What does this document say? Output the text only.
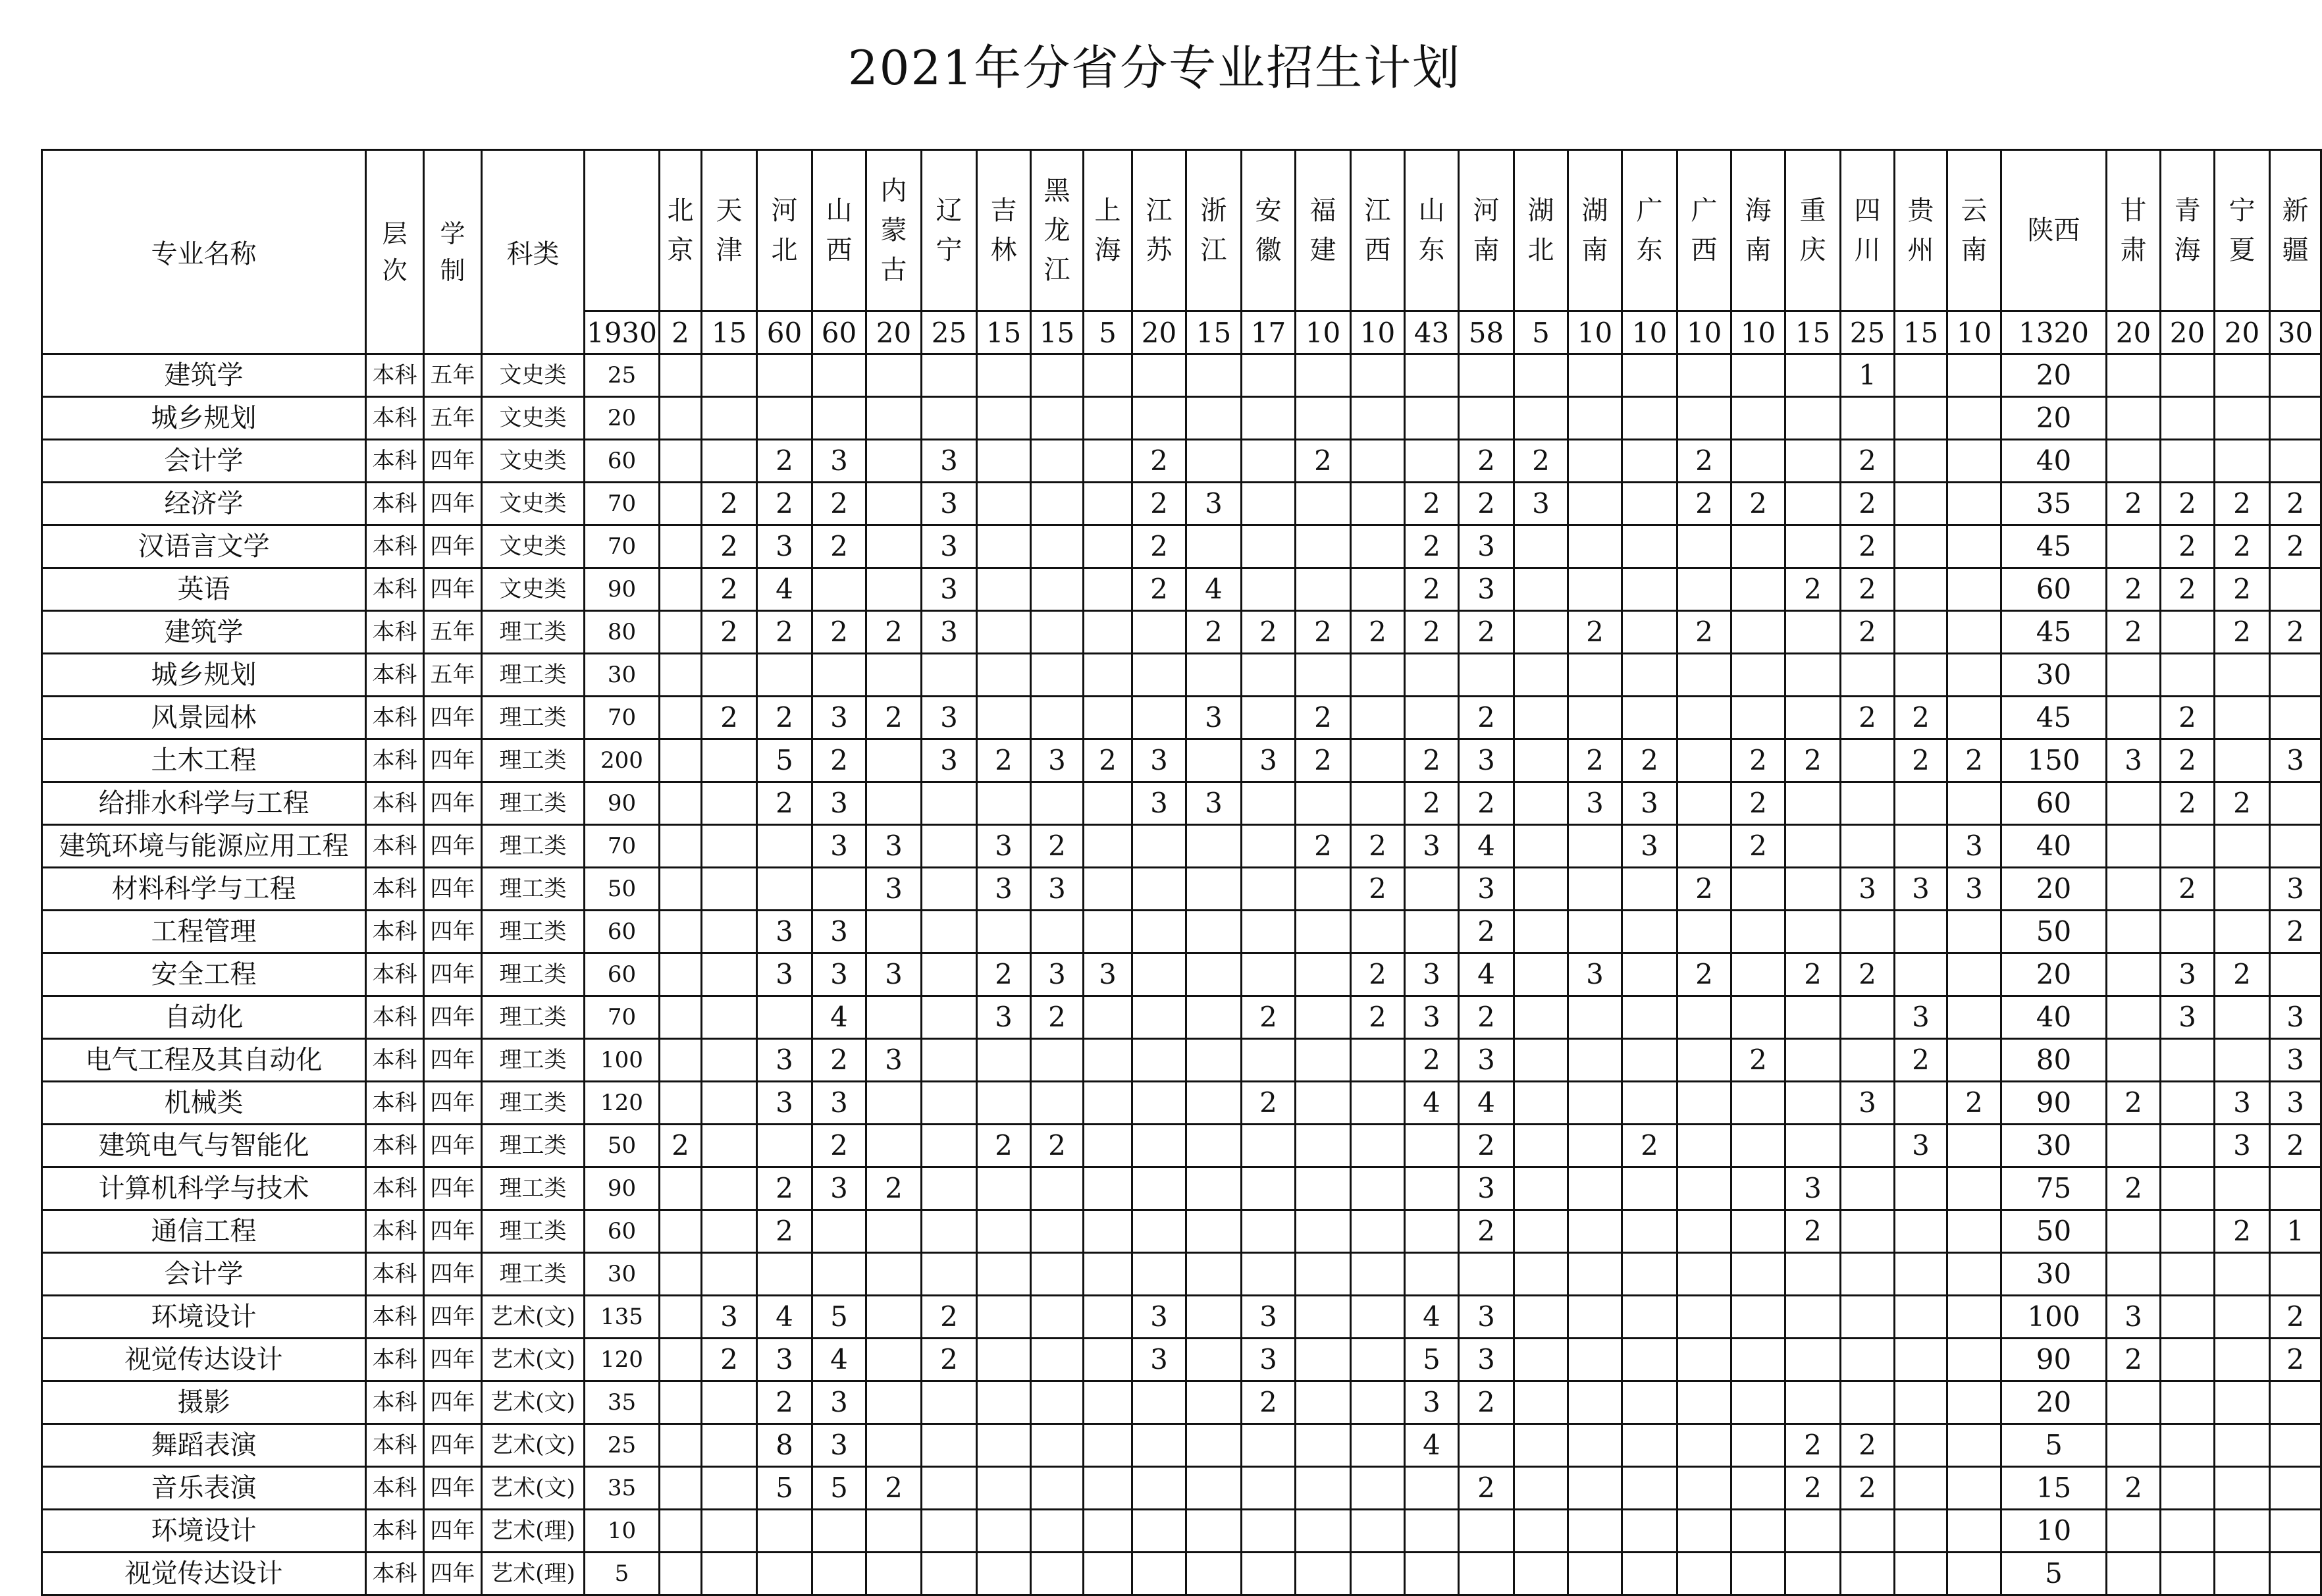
2021年分省分专业招生计划
专业名称	层次	学制	科类		北京	天津	河北	山西	内蒙古	辽宁	吉林	黑龙江	上海	江苏	浙江	安徽	福建	江西	山东	河南	湖北	湖南	广东	广西	海南	重庆	四川	贵州	云南	陕西	甘肃	青海	宁夏	新疆
				1930	2	15	60	60	20	25	15	15	5	20	15	17	10	10	43	58	5	10	10	10	10	15	25	15	10	1320	20	20	20	30
建筑学	本科	五年	文史类	25																							1			20				
城乡规划	本科	五年	文史类	20																										20				
会计学	本科	四年	文史类	60			2	3		3				2			2			2	2			2			2			40				
经济学	本科	四年	文史类	70		2	2	2		3				2	3				2	2	3			2	2		2			35	2	2	2	2
汉语言文学	本科	四年	文史类	70		2	3	2		3				2					2	3							2			45		2	2	2
英语	本科	四年	文史类	90		2	4			3				2	4				2	3						2	2			60	2	2	2	
建筑学	本科	五年	理工类	80		2	2	2	2	3					2	2	2	2	2	2		2		2			2			45	2		2	2
城乡规划	本科	五年	理工类	30																										30				
风景园林	本科	四年	理工类	70		2	2	3	2	3					3		2			2							2	2		45		2		
土木工程	本科	四年	理工类	200			5	2		3	2	3	2	3		3	2		2	3		2	2		2	2		2	2	150	3	2		3
给排水科学与工程	本科	四年	理工类	90			2	3						3	3				2	2		3	3		2					60		2	2	
建筑环境与能源应用工程	本科	四年	理工类	70				3	3		3	2					2	2	3	4			3		2				3	40				
材料科学与工程	本科	四年	理工类	50					3		3	3						2		3				2			3	3	3	20		2		3
工程管理	本科	四年	理工类	60			3	3												2										50				2
安全工程	本科	四年	理工类	60			3	3	3		2	3	3					2	3	4		3		2		2	2			20		3	2	
自动化	本科	四年	理工类	70				4			3	2				2		2	3	2								3		40		3		3
电气工程及其自动化	本科	四年	理工类	100			3	2	3										2	3					2			2		80				3
机械类	本科	四年	理工类	120			3	3								2			4	4							3		2	90	2		3	3
建筑电气与智能化	本科	四年	理工类	50	2			2			2	2								2			2					3		30			3	2
计算机科学与技术	本科	四年	理工类	90			2	3	2											3						3				75	2			
通信工程	本科	四年	理工类	60			2													2						2				50			2	1
会计学	本科	四年	理工类	30																										30				
环境设计	本科	四年	艺术(文)	135		3	4	5		2				3		3			4	3										100	3			2
视觉传达设计	本科	四年	艺术(文)	120		2	3	4		2				3		3			5	3										90	2			2
摄影	本科	四年	艺术(文)	35			2	3								2			3	2										20				
舞蹈表演	本科	四年	艺术(文)	25			8	3											4							2	2			5				
音乐表演	本科	四年	艺术(文)	35			5	5	2											2						2	2			15	2			
环境设计	本科	四年	艺术(理)	10																										10				
视觉传达设计	本科	四年	艺术(理)	5																										5				
